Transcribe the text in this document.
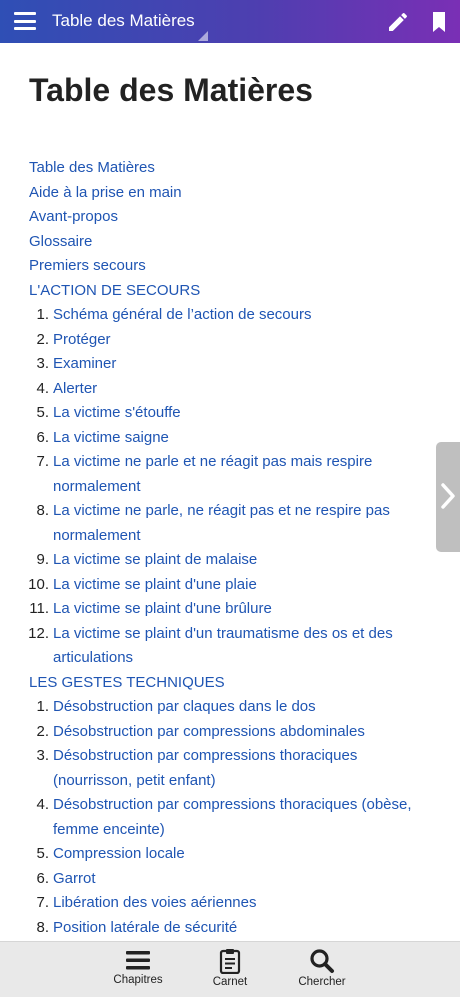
Table des Matières
Table des Matières
Table des Matières
Aide à la prise en main
Avant-propos
Glossaire
Premiers secours
L'ACTION DE SECOURS
1. Schéma général de l’action de secours
2. Protéger
3. Examiner
4. Alerter
5. La victime s'étouffe
6. La victime saigne
7. La victime ne parle et ne réagit pas mais respire normalement
8. La victime ne parle, ne réagit pas et ne respire pas normalement
9. La victime se plaint de malaise
10. La victime se plaint d'une plaie
11. La victime se plaint d'une brûlure
12. La victime se plaint d'un traumatisme des os et des articulations
LES GESTES TECHNIQUES
1. Désobstruction par claques dans le dos
2. Désobstruction par compressions abdominales
3. Désobstruction par compressions thoraciques (nourrisson, petit enfant)
4. Désobstruction par compressions thoraciques (obèse, femme enceinte)
5. Compression locale
6. Garrot
7. Libération des voies aériennes
8. Position latérale de sécurité
Chapitres	Carnet	Chercher
